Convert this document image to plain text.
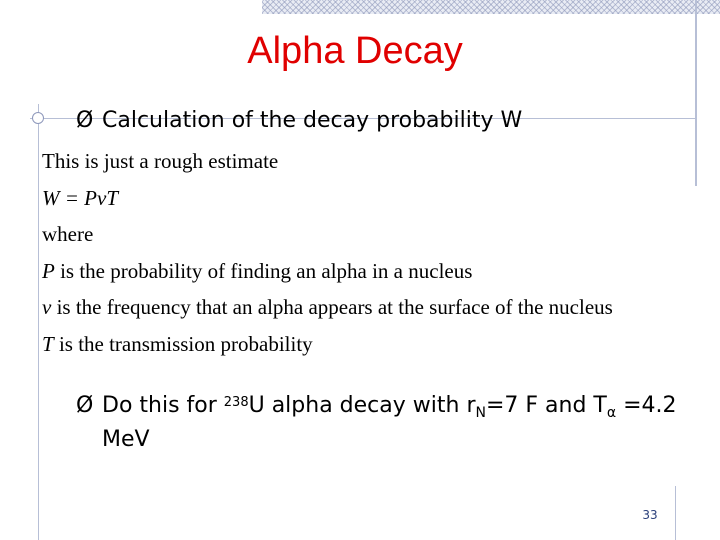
Alpha Decay
Ø Calculation of the decay probability W
This is just a rough estimate
W = PvT
where
P is the probability of finding an alpha in a nucleus
v is the frequency that an alpha appears at the surface of the nucleus
T is the transmission probability
Ø Do this for $^{238}$U alpha decay with $r_N=7$ F and $T_\alpha =4.2$ MeV
33
